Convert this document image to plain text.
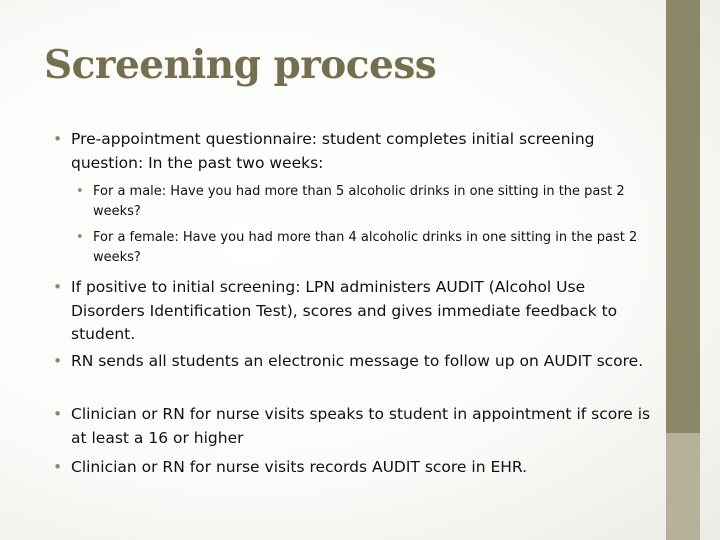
Screening process
• Pre-appointment questionnaire: student completes initial screening question: In the past two weeks:
• For a male: Have you had more than 5 alcoholic drinks in one sitting in the past 2 weeks?
• For a female: Have you had more than 4 alcoholic drinks in one sitting in the past 2 weeks?
• If positive to initial screening: LPN administers AUDIT (Alcohol Use Disorders Identification Test), scores and gives immediate feedback to student.
• RN sends all students an electronic message to follow up on AUDIT score.
• Clinician or RN for nurse visits speaks to student in appointment if score is at least a 16 or higher
• Clinician or RN for nurse visits records AUDIT score in EHR.
